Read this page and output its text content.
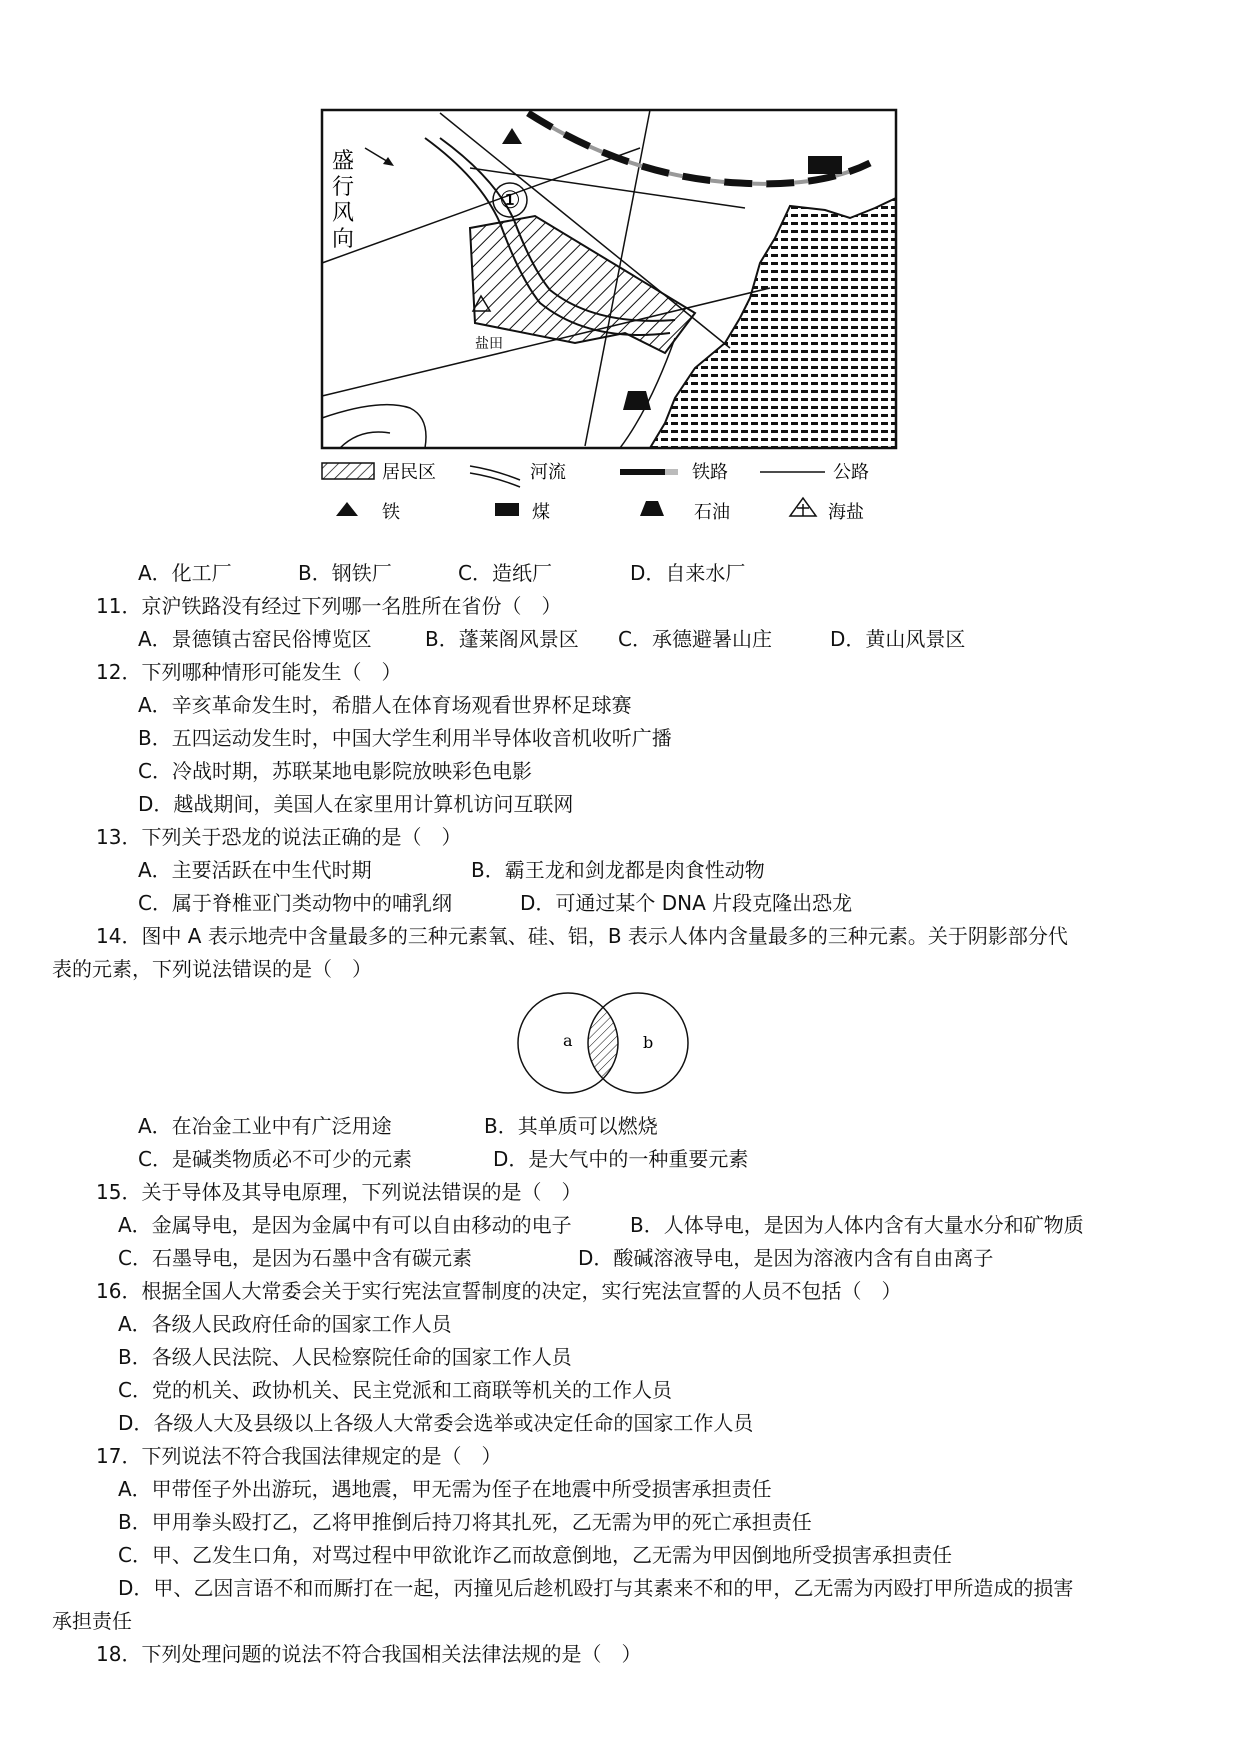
盛
行
风
向
①
盐田
居民区	河流	铁路	公路
铁	煤	石油	海盐
A．化工厂	B．钢铁厂	C．造纸厂	D．自来水厂
11．京沪铁路没有经过下列哪一名胜所在省份（　）
A．景德镇古窑民俗博览区	B．蓬莱阁风景区 C．承德避暑山庄	D．黄山风景区
12．下列哪种情形可能发生（　）
A．辛亥革命发生时，希腊人在体育场观看世界杯足球赛
B．五四运动发生时，中国大学生利用半导体收音机收听广播
C．冷战时期，苏联某地电影院放映彩色电影
D．越战期间，美国人在家里用计算机访问互联网
13．下列关于恐龙的说法正确的是（　）
A．主要活跃在中生代时期	B．霸王龙和剑龙都是肉食性动物
C．属于脊椎亚门类动物中的哺乳纲	D．可通过某个 DNA 片段克隆出恐龙
14．图中 A 表示地壳中含量最多的三种元素氧、硅、铝，B 表示人体内含量最多的三种元素。关于阴影部分代
表的元素，下列说法错误的是（　）
a	b
A．在冶金工业中有广泛用途	B．其单质可以燃烧
C．是碱类物质必不可少的元素	D．是大气中的一种重要元素
15．关于导体及其导电原理，下列说法错误的是（　）
A．金属导电，是因为金属中有可以自由移动的电子	B．人体导电，是因为人体内含有大量水分和矿物质
C．石墨导电，是因为石墨中含有碳元素	D．酸碱溶液导电，是因为溶液内含有自由离子
16．根据全国人大常委会关于实行宪法宣誓制度的决定，实行宪法宣誓的人员不包括（　）
A．各级人民政府任命的国家工作人员
B．各级人民法院、人民检察院任命的国家工作人员
C．党的机关、政协机关、民主党派和工商联等机关的工作人员
D．各级人大及县级以上各级人大常委会选举或决定任命的国家工作人员
17．下列说法不符合我国法律规定的是（　）
A．甲带侄子外出游玩，遇地震，甲无需为侄子在地震中所受损害承担责任
B．甲用拳头殴打乙，乙将甲推倒后持刀将其扎死，乙无需为甲的死亡承担责任
C．甲、乙发生口角，对骂过程中甲欲讹诈乙而故意倒地，乙无需为甲因倒地所受损害承担责任
D．甲、乙因言语不和而厮打在一起，丙撞见后趁机殴打与其素来不和的甲，乙无需为丙殴打甲所造成的损害
承担责任
18．下列处理问题的说法不符合我国相关法律法规的是（　）
